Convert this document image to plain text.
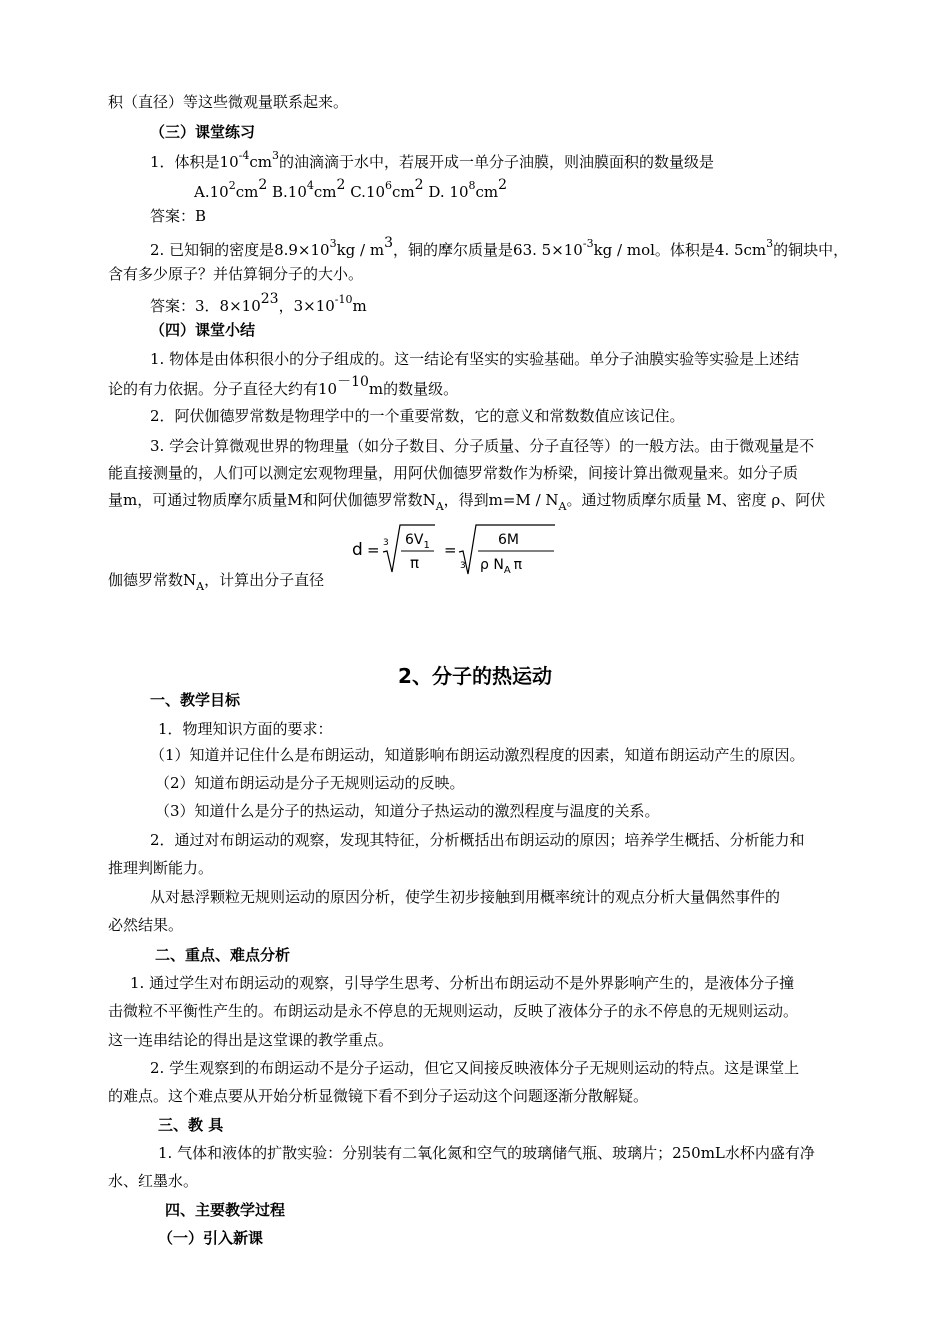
积（直径）等这些微观量联系起来。
（三）课堂练习
1．体积是$10^{-4}cm^3$的油滴滴于水中，若展开成一单分子油膜，则油膜面积的数量级是
$A.10^2cm^2$ $B.10^4cm^2$ $C.10^6cm^2$ D. $10^8cm^2$
答案：B
2. 已知铜的密度是$8.9\times 10^3kg / m^3$，铜的摩尔质量是63. $5\times 10^{-3}kg$ / mol。体积是4. $5cm^3$的铜块中，
含有多少原子？并估算铜分子的大小。
答案：3．$8\times 10^{23}$，$3\times 10^{-10}m$
（四）课堂小结
1. 物体是由体积很小的分子组成的。这一结论有坚实的实验基础。单分子油膜实验等实验是上述结
论的有力依据。分子直径大约有$10^{-10}m$的数量级。
2．阿伏伽德罗常数是物理学中的一个重要常数，它的意义和常数数值应该记住。
3. 学会计算微观世界的物理量（如分子数目、分子质量、分子直径等）的一般方法。由于微观量是不
能直接测量的，人们可以测定宏观物理量，用阿伏伽德罗常数作为桥梁，间接计算出微观量来。如分子质
量m，可通过物质摩尔质量M和阿伏伽德罗常数$N_A$，得到$m=M / N_A$。通过物质摩尔质量 M、密度 ρ、阿伏
d = 3 $6V_1$
π
=
3
6M
ρ $N_A$ π
伽德罗常数$N_A$，计算出分子直径
2、分子的热运动
一、教学目标
1．物理知识方面的要求：
（1）知道并记住什么是布朗运动，知道影响布朗运动激烈程度的因素，知道布朗运动产生的原因。
（2）知道布朗运动是分子无规则运动的反映。
（3）知道什么是分子的热运动，知道分子热运动的激烈程度与温度的关系。
2．通过对布朗运动的观察，发现其特征，分析概括出布朗运动的原因；培养学生概括、分析能力和
推理判断能力。
从对悬浮颗粒无规则运动的原因分析，使学生初步接触到用概率统计的观点分析大量偶然事件的
必然结果。
二、重点、难点分析
1. 通过学生对布朗运动的观察，引导学生思考、分析出布朗运动不是外界影响产生的，是液体分子撞
击微粒不平衡性产生的。布朗运动是永不停息的无规则运动，反映了液体分子的永不停息的无规则运动。
这一连串结论的得出是这堂课的教学重点。
2. 学生观察到的布朗运动不是分子运动，但它又间接反映液体分子无规则运动的特点。这是课堂上
的难点。这个难点要从开始分析显微镜下看不到分子运动这个问题逐渐分散解疑。
三、教 具
1. 气体和液体的扩散实验：分别装有二氧化氮和空气的玻璃储气瓶、玻璃片；250mL水杯内盛有净
水、红墨水。
四、主要教学过程
（一）引入新课
